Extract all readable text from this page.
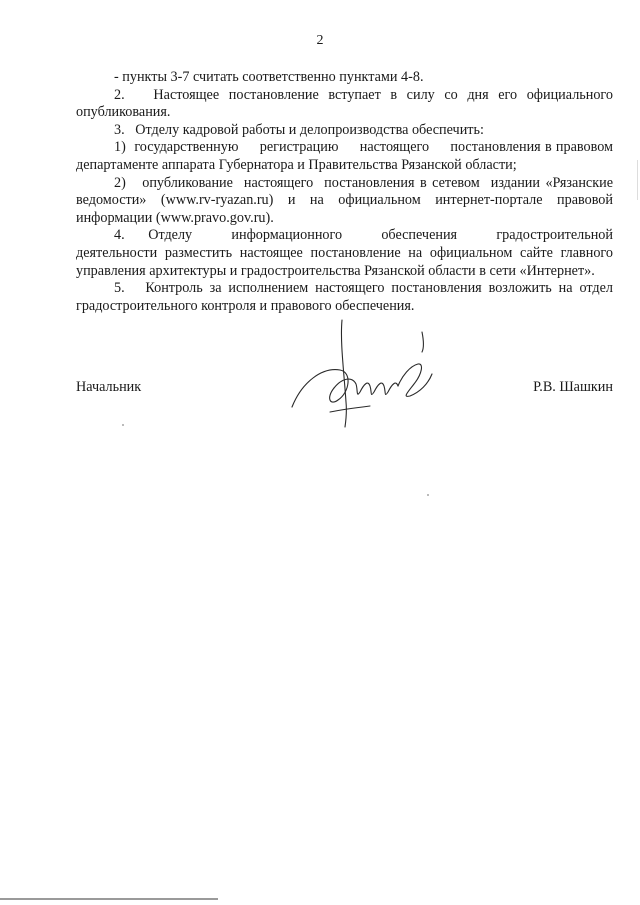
2

- пункты 3-7 считать соответственно пунктами 4-8.

2.   Настоящее постановление вступает в силу со дня его официального опубликования.

3.   Отделу кадровой работы и делопроизводства обеспечить:

1)  государственную     регистрацию     настоящего     постановления в правовом департаменте аппарата Губернатора и Правительства Рязанской области;

2)   опубликование  настоящего  постановления в сетевом  издании «Рязанские ведомости» (www.rv-ryazan.ru) и на официальном интернет-портале правовой информации (www.pravo.gov.ru).

4.   Отделу     информационного     обеспечения     градостроительной деятельности разместить настоящее постановление на официальном сайте главного управления архитектуры и градостроительства Рязанской области в сети «Интернет».

5.   Контроль за исполнением настоящего постановления возложить на отдел градостроительного контроля и правового обеспечения.

Начальник	Р.В. Шашкин
